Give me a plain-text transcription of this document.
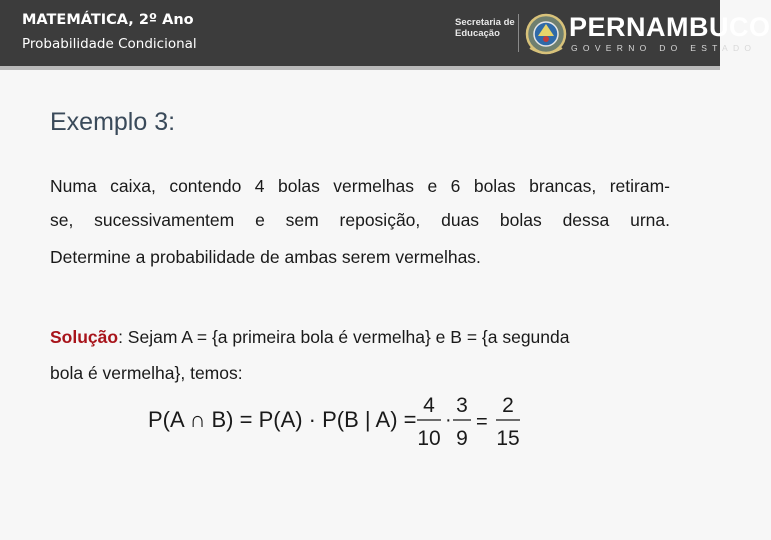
MATEMÁTICA, 2º Ano
Probabilidade Condicional
Secretaria de
Educação	PERNAMBUCO
GOVERNO DO ESTADO
Exemplo 3:
Numa caixa, contendo 4 bolas vermelhas e 6 bolas brancas, retiram-
se, sucessivamentem e sem reposição, duas bolas dessa urna.
Determine a probabilidade de ambas serem vermelhas.
Solução: Sejam A = {a primeira bola é vermelha} e B = {a segunda
bola é vermelha}, temos:
P(A ∩ B) = P(A) · P(B | A) =
4
10
·
3
9
=
2
15
